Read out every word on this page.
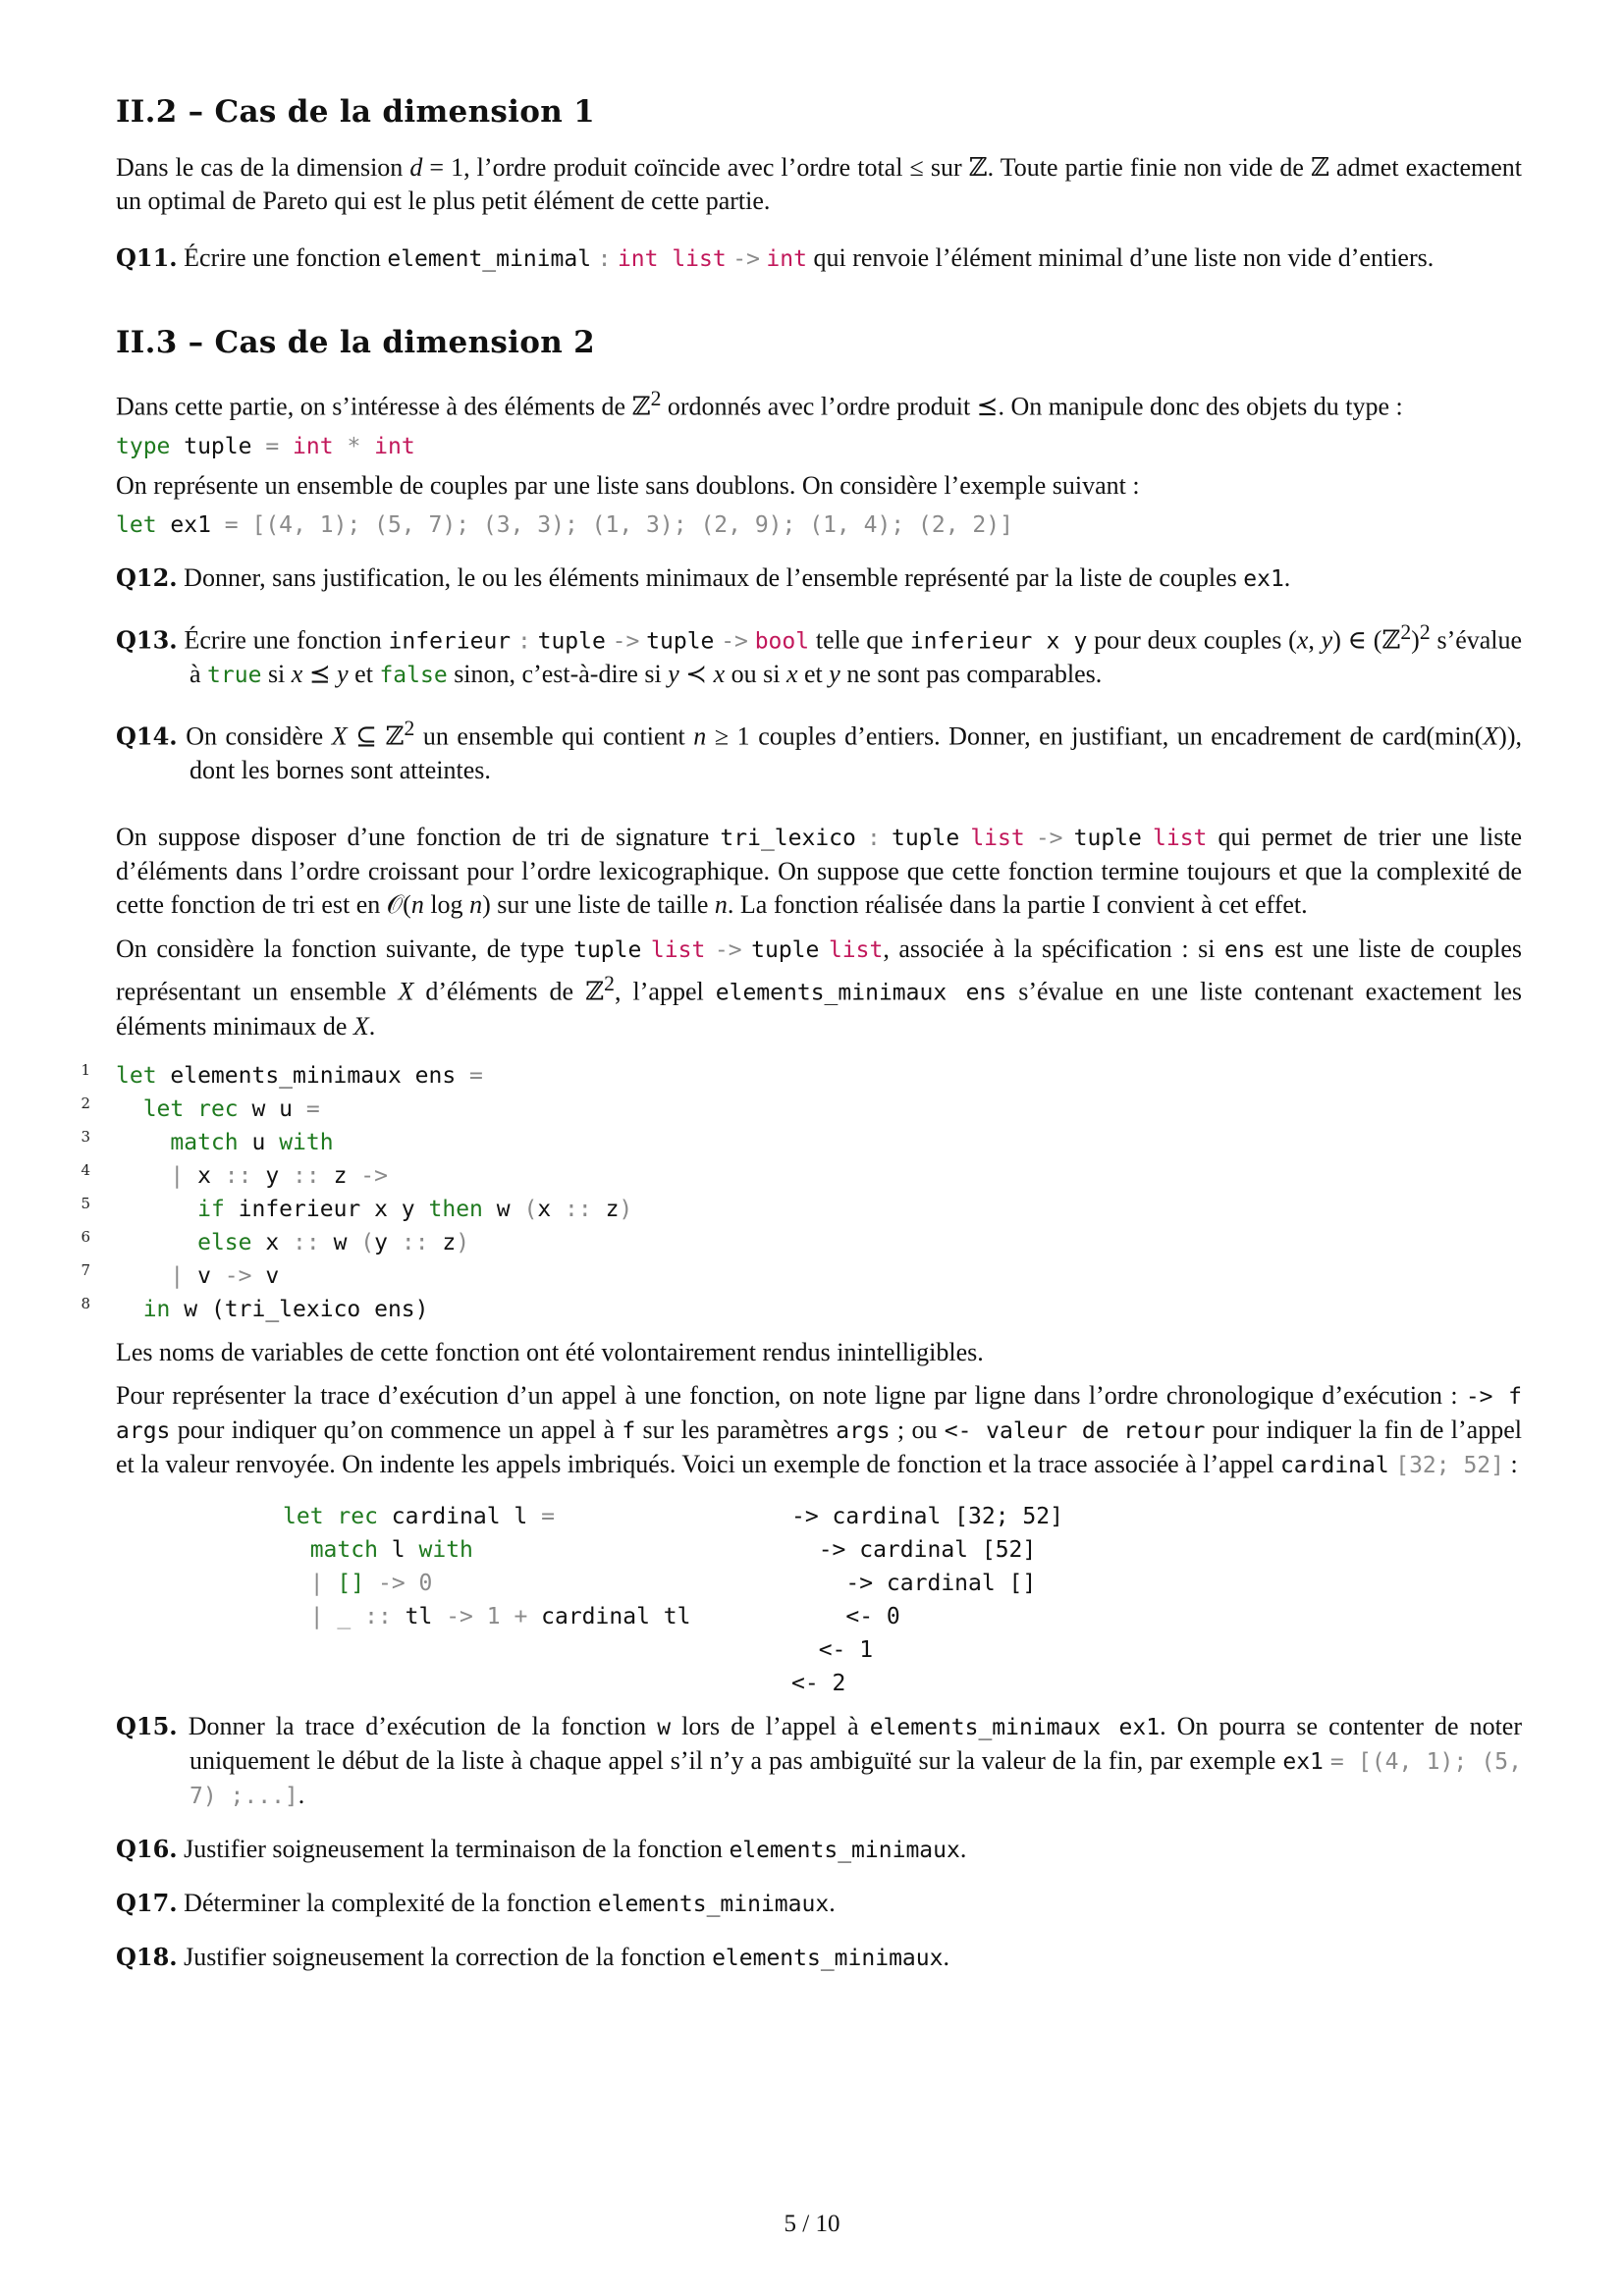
II.2 – Cas de la dimension 1

Dans le cas de la dimension d = 1, l’ordre produit coïncide avec l’ordre total ≤ sur ℤ. Toute partie finie non vide de ℤ admet exactement un optimal de Pareto qui est le plus petit élément de cette partie.

Q11. Écrire une fonction element_minimal : int list -> int qui renvoie l’élément minimal d’une liste non vide d’entiers.

II.3 – Cas de la dimension 2

Dans cette partie, on s’intéresse à des éléments de ℤ$^2$ ordonnés avec l’ordre produit ⪯. On manipule donc des objets du type :

type tuple = int * int

On représente un ensemble de couples par une liste sans doublons. On considère l’exemple suivant :

let ex1 = [(4, 1); (5, 7); (3, 3); (1, 3); (2, 9); (1, 4); (2, 2)]

Q12. Donner, sans justification, le ou les éléments minimaux de l’ensemble représenté par la liste de couples ex1.

Q13. Écrire une fonction inferieur : tuple -> tuple -> bool telle que inferieur x y pour deux couples (x, y) ∈ (ℤ$^2$)$^2$ s’évalue à true si x ⪯ y et false sinon, c’est-à-dire si y ≺ x ou si x et y ne sont pas comparables.

Q14. On considère X ⊆ ℤ$^2$ un ensemble qui contient n ≥ 1 couples d’entiers. Donner, en justifiant, un encadrement de card(min(X)), dont les bornes sont atteintes.

On suppose disposer d’une fonction de tri de signature tri_lexico : tuple list -> tuple list qui permet de trier une liste d’éléments dans l’ordre croissant pour l’ordre lexicographique. On suppose que cette fonction termine toujours et que la complexité de cette fonction de tri est en 𝒪(n log n) sur une liste de taille n. La fonction réalisée dans la partie I convient à cet effet.

On considère la fonction suivante, de type tuple list -> tuple list, associée à la spécification : si ens est une liste de couples représentant un ensemble X d’éléments de ℤ$^2$, l’appel elements_minimaux ens s’évalue en une liste contenant exactement les éléments minimaux de X.

1
2
3
4
5
6
7
8
let elements_minimaux ens =
let rec w u =
match u with
| x :: y :: z ->
if inferieur x y then w (x :: z)
else x :: w (y :: z)
| v -> v
in w (tri_lexico ens)

Les noms de variables de cette fonction ont été volontairement rendus inintelligibles.

Pour représenter la trace d’exécution d’un appel à une fonction, on note ligne par ligne dans l’ordre chronologique d’exécution : -> f args pour indiquer qu’on commence un appel à f sur les paramètres args ; ou <- valeur de retour pour indiquer la fin de l’appel et la valeur renvoyée. On indente les appels imbriqués. Voici un exemple de fonction et la trace associée à l’appel cardinal [32; 52] :

let rec cardinal l =
match l with
| [] -> 0
| _ :: tl -> 1 + cardinal tl
-> cardinal [32; 52]
-> cardinal [52]
-> cardinal []
<- 0
<- 1
<- 2

Q15. Donner la trace d’exécution de la fonction w lors de l’appel à elements_minimaux ex1. On pourra se contenter de noter uniquement le début de la liste à chaque appel s’il n’y a pas ambiguïté sur la valeur de la fin, par exemple ex1 = [(4, 1); (5, 7) ;...].

Q16. Justifier soigneusement la terminaison de la fonction elements_minimaux.

Q17. Déterminer la complexité de la fonction elements_minimaux.

Q18. Justifier soigneusement la correction de la fonction elements_minimaux.

5 / 10
